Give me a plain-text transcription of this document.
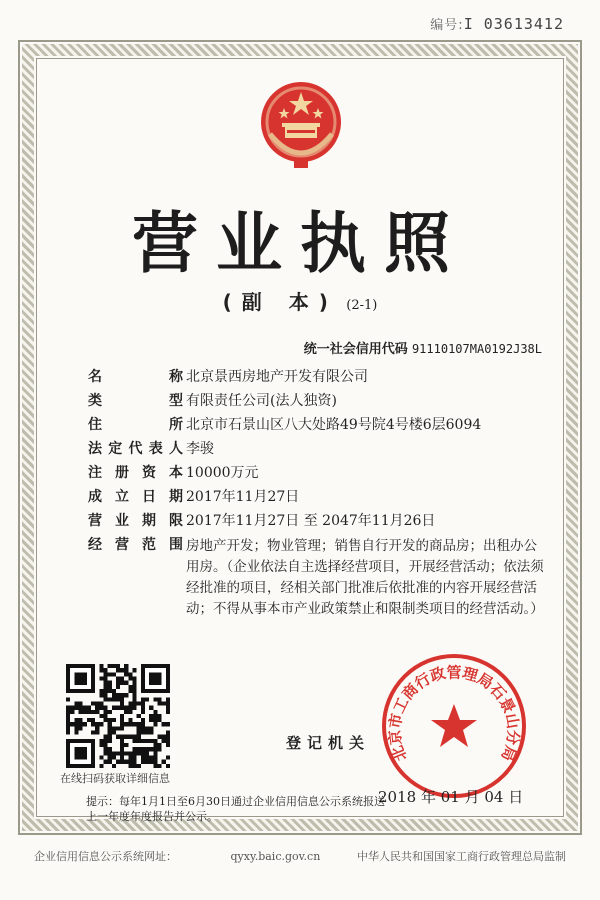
编号:I 03613412
营业执照
(副 本) (2-1)
统一社会信用代码 91110107MA0192J38L
名	称 北京景西房地产开发有限公司
类	型 有限责任公司(法人独资)
住	所 北京市石景山区八大处路49号院4号楼6层6094
法 定 代 表 人 李骏
注 册 资 本 10000万元
成 立 日 期 2017年11月27日
营 业 期 限 2017年11月27日 至 2047年11月26日
经 营 范 围 房地产开发；物业管理；销售自行开发的商品房；出租办公用房。（企业依法自主选择经营项目，开展经营活动；依法须经批准的项目，经相关部门批准后依批准的内容开展经营活动；不得从事本市产业政策禁止和限制类项目的经营活动。）
在线扫码获取详细信息
登记机关
北京市工商行政管理局石景山分局
2018 年 01 月 04 日
提示：每年1月1日至6月30日通过企业信用信息公示系统报送上一年度年度报告并公示。
企业信用信息公示系统网址：	qyxy.baic.gov.cn	中华人民共和国国家工商行政管理总局监制
